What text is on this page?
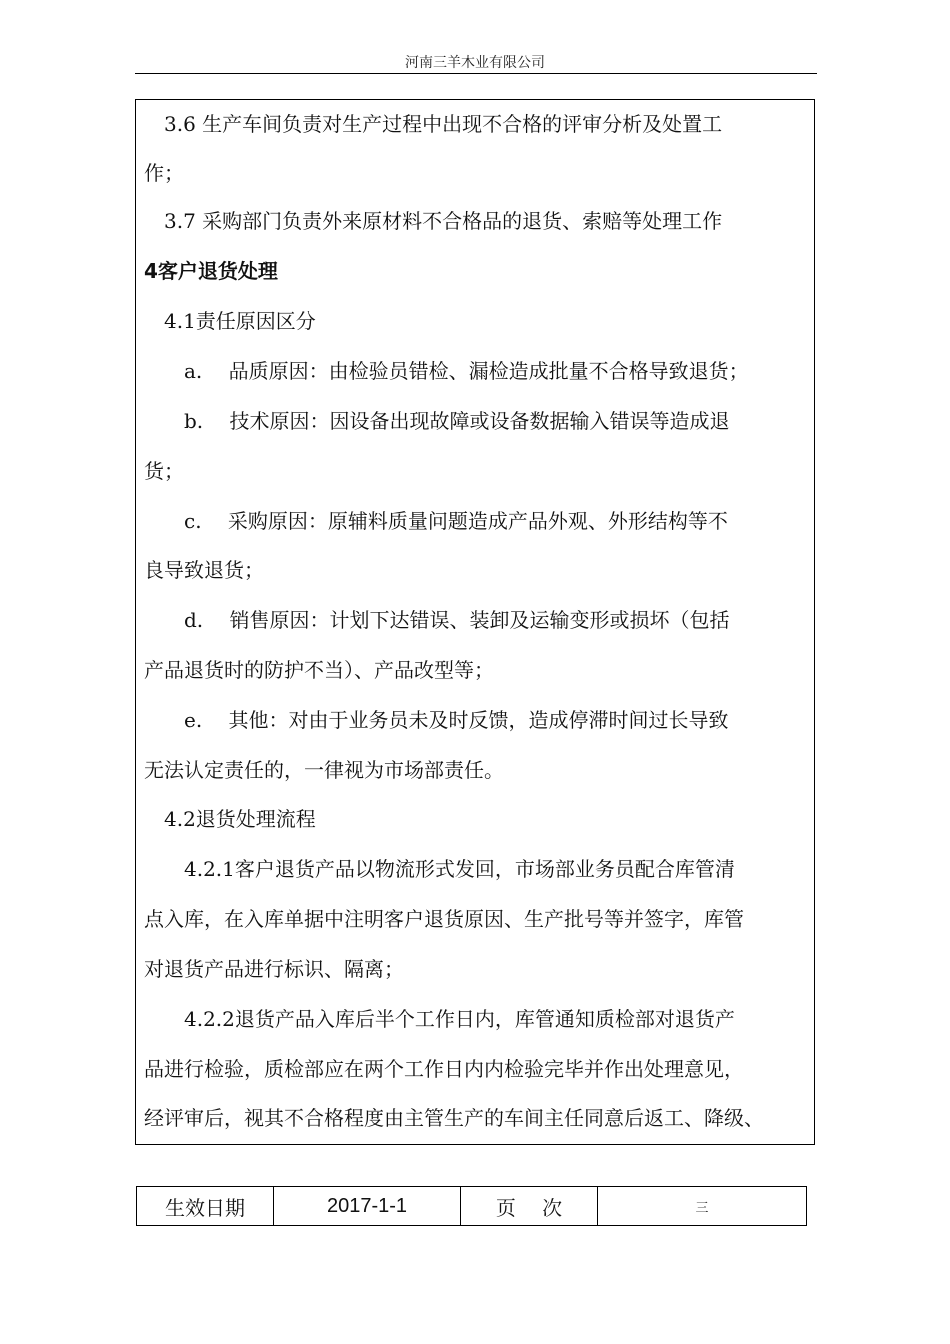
河南三羊木业有限公司
　3.6 生产车间负责对生产过程中出现不合格的评审分析及处置工
作；
　3.7 采购部门负责外来原材料不合格品的退货、索赔等处理工作
4客户退货处理
　4.1责任原因区分
　　a.　 品质原因：由检验员错检、漏检造成批量不合格导致退货；
　　b.　 技术原因：因设备出现故障或设备数据输入错误等造成退
货；
　　c.　 采购原因：原辅料质量问题造成产品外观、外形结构等不
良导致退货；
　　d.　 销售原因：计划下达错误、装卸及运输变形或损坏（包括
产品退货时的防护不当）、产品改型等；
　　e.　 其他：对由于业务员未及时反馈，造成停滞时间过长导致
无法认定责任的，一律视为市场部责任。
　4.2退货处理流程
　　4.2.1客户退货产品以物流形式发回，市场部业务员配合库管清
点入库，在入库单据中注明客户退货原因、生产批号等并签字，库管
对退货产品进行标识、隔离；
　　4.2.2退货产品入库后半个工作日内，库管通知质检部对退货产
品进行检验，质检部应在两个工作日内内检验完毕并作出处理意见，
经评审后，视其不合格程度由主管生产的车间主任同意后返工、降级、
生效日期	2017-1-1	页　 次	三
